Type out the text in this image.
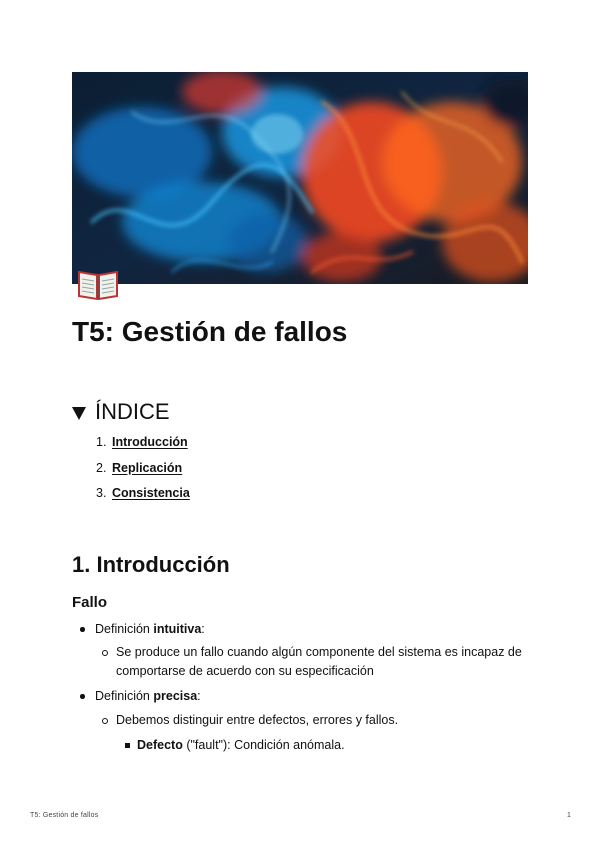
T5: Gestión de fallos
ÍNDICE
1. Introducción
2. Replicación
3. Consistencia
1. Introducción
Fallo
Definición intuitiva:
Se produce un fallo cuando algún componente del sistema es incapaz de
comportarse de acuerdo con su especificación
Definición precisa:
Debemos distinguir entre defectos, errores y fallos.
Defecto ("fault"): Condición anómala.
T5: Gestión de fallos	1
